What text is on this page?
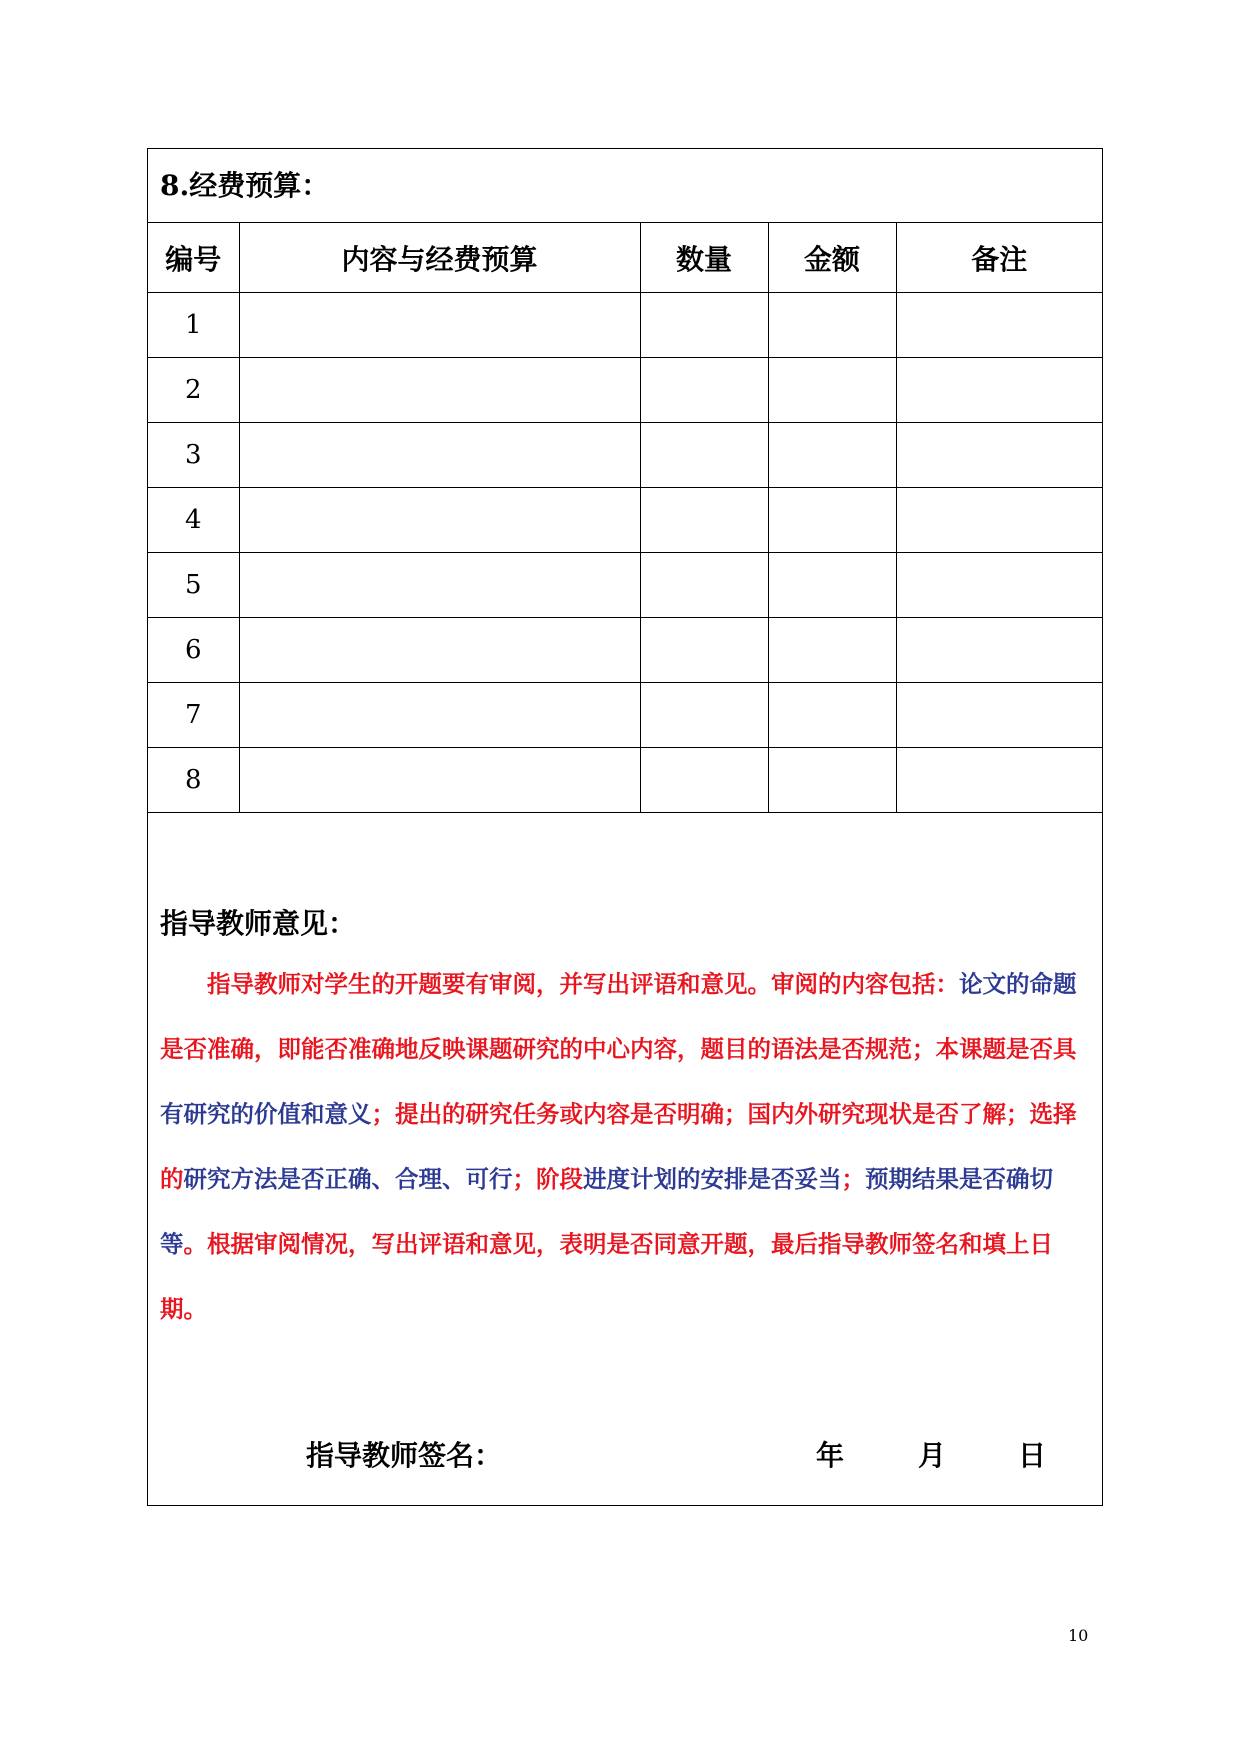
8.经费预算：
编号	内容与经费预算	数量	金额	备注
1				
2				
3				
4				
5				
6				
7				
8				
指导教师意见：
指导教师对学生的开题要有审阅，并写出评语和意见。审阅的内容包括：论文的命题是否准确，即能否准确地反映课题研究的中心内容，题目的语法是否规范；本课题是否具有研究的价值和意义；提出的研究任务或内容是否明确；国内外研究现状是否了解；选择的研究方法是否正确、合理、可行；阶段进度计划的安排是否妥当；预期结果是否确切等。根据审阅情况，写出评语和意见，表明是否同意开题，最后指导教师签名和填上日期。
指导教师签名：	年	月	日
10
